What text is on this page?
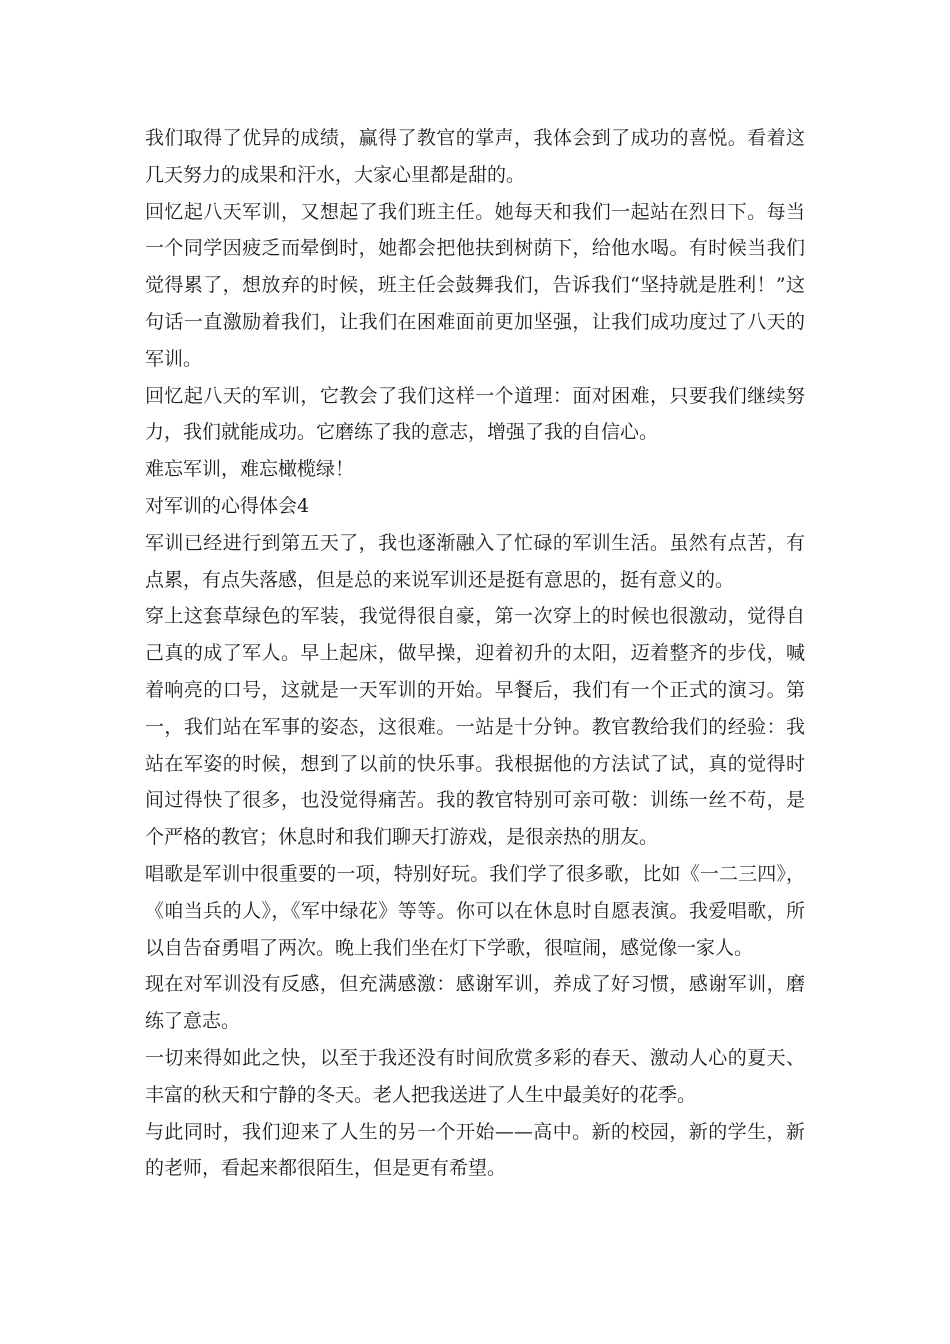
我们取得了优异的成绩，赢得了教官的掌声，我体会到了成功的喜悦。看着这几天努力的成果和汗水，大家心里都是甜的。

回忆起八天军训，又想起了我们班主任。她每天和我们一起站在烈日下。每当一个同学因疲乏而晕倒时，她都会把他扶到树荫下，给他水喝。有时候当我们觉得累了，想放弃的时候，班主任会鼓舞我们，告诉我们“坚持就是胜利！”这句话一直激励着我们，让我们在困难面前更加坚强，让我们成功度过了八天的军训。

回忆起八天的军训，它教会了我们这样一个道理：面对困难，只要我们继续努力，我们就能成功。它磨练了我的意志，增强了我的自信心。

难忘军训，难忘橄榄绿！

对军训的心得体会4

军训已经进行到第五天了，我也逐渐融入了忙碌的军训生活。虽然有点苦，有点累，有点失落感，但是总的来说军训还是挺有意思的，挺有意义的。

穿上这套草绿色的军装，我觉得很自豪，第一次穿上的时候也很激动，觉得自己真的成了军人。早上起床，做早操，迎着初升的太阳，迈着整齐的步伐，喊着响亮的口号，这就是一天军训的开始。早餐后，我们有一个正式的演习。第一，我们站在军事的姿态，这很难。一站是十分钟。教官教给我们的经验：我站在军姿的时候，想到了以前的快乐事。我根据他的方法试了试，真的觉得时间过得快了很多，也没觉得痛苦。我的教官特别可亲可敬：训练一丝不苟，是个严格的教官；休息时和我们聊天打游戏，是很亲热的朋友。

唱歌是军训中很重要的一项，特别好玩。我们学了很多歌，比如《一二三四》，《咱当兵的人》，《军中绿花》等等。你可以在休息时自愿表演。我爱唱歌，所以自告奋勇唱了两次。晚上我们坐在灯下学歌，很喧闹，感觉像一家人。

现在对军训没有反感，但充满感激：感谢军训，养成了好习惯，感谢军训，磨练了意志。

一切来得如此之快，以至于我还没有时间欣赏多彩的春天、激动人心的夏天、丰富的秋天和宁静的冬天。老人把我送进了人生中最美好的花季。

与此同时，我们迎来了人生的另一个开始——高中。新的校园，新的学生，新的老师，看起来都很陌生，但是更有希望。
